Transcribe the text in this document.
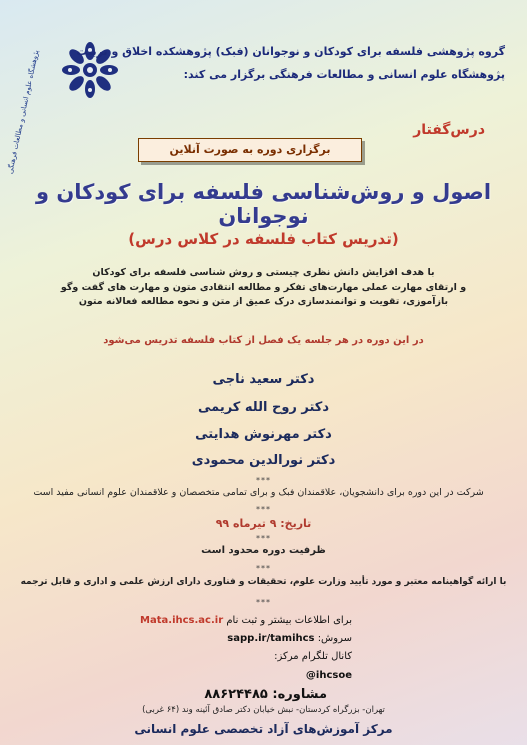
پژوهشگاه علوم انسانی و مطالعات فرهنگی	گروه پژوهشی فلسفه برای کودکان و نوجوانان (فبک) پژوهشکده اخلاق و تربیت
پژوهشگاه علوم انسانی و مطالعات فرهنگی برگزار می کند:
درس‌گفتار
برگزاری دوره به صورت آنلاین
اصول و روش‌شناسی فلسفه برای کودکان و نوجوانان
(تدریس کتاب فلسفه در کلاس درس)
با هدف افزایش دانش نظری چیستی و روش شناسی فلسفه برای کودکان
و ارتقای مهارت عملی مهارت‌های تفکر و مطالعه انتقادی متون و مهارت های گفت وگو
بازآموزی، تقویت و توانمندسازی درک عمیق از متن و نحوه مطالعه فعالانه متون
در این دوره در هر جلسه یک فصل از کتاب فلسفه تدریس می‌شود
دکتر سعید ناجی
دکتر روح الله کریمی
دکتر مهرنوش هدایتی
دکتر نورالدین محمودی
***
شرکت در این دوره برای دانشجویان، علاقمندان فبک و برای تمامی متخصصان و علاقمندان علوم انسانی مفید است
***
تاریخ: ۹ تیرماه ۹۹
***
ظرفیت دوره محدود است
***
با ارائه گواهینامه معتبر و مورد تأیید وزارت علوم، تحقیقات و فناوری دارای ارزش علمی و اداری و قابل ترجمه
***
برای اطلاعات بیشتر و ثبت نام Mata.ihcs.ac.ir
سروش: sapp.ir/tamihcs
کانال تلگرام مرکز:
@ihcsoe
مشاوره: ۸۸۶۲۴۴۸۵
تهران- بزرگراه کردستان- نبش خیابان دکتر صادق آئینه وند (۶۴ غربی)
مرکز آموزش‌های آزاد تخصصی علوم انسانی
